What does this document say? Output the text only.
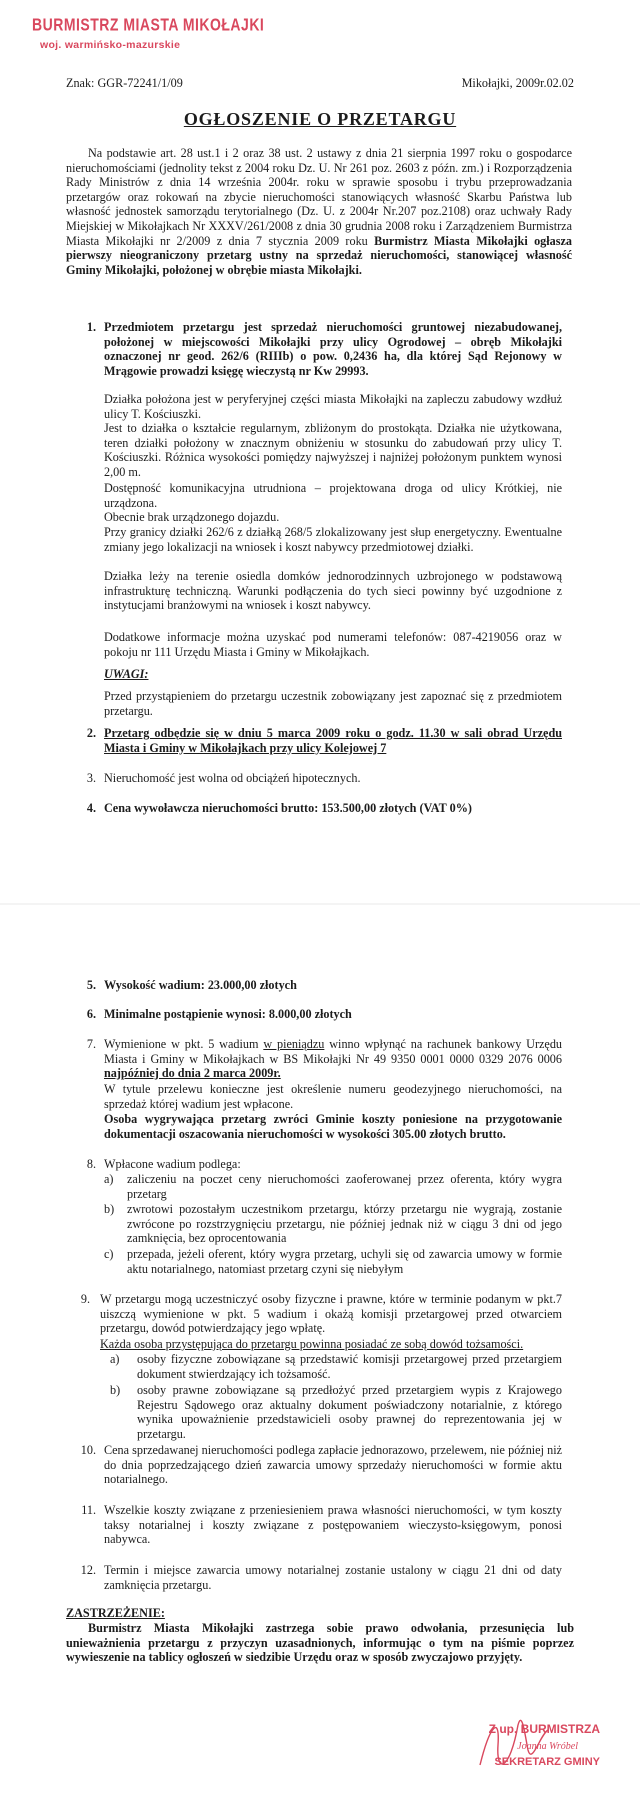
BURMISTRZ MIASTA MIKOŁAJKI
woj. warmińsko-mazurskie
Znak: GGR-72241/1/09	Mikołajki, 2009r.02.02
OGŁOSZENIE O PRZETARGU
Na podstawie art. 28 ust.1 i 2 oraz 38 ust. 2 ustawy z dnia 21 sierpnia 1997 roku o gospodarce nieruchomościami (jednolity tekst z 2004 roku Dz. U. Nr 261 poz. 2603 z późn. zm.) i Rozporządzenia Rady Ministrów z dnia 14 września 2004r. roku w sprawie sposobu i trybu przeprowadzania przetargów oraz rokowań na zbycie nieruchomości stanowiących własność Skarbu Państwa lub własność jednostek samorządu terytorialnego (Dz. U. z 2004r Nr.207 poz.2108) oraz uchwały Rady Miejskiej w Mikołajkach Nr XXXV/261/2008 z dnia 30 grudnia 2008 roku i Zarządzeniem Burmistrza Miasta Mikołajki nr 2/2009 z dnia 7 stycznia 2009 roku Burmistrz Miasta Mikołajki ogłasza pierwszy nieograniczony przetarg ustny na sprzedaż nieruchomości, stanowiącej własność Gminy Mikołajki, położonej w obrębie miasta Mikołajki.
1. Przedmiotem przetargu jest sprzedaż nieruchomości gruntowej niezabudowanej, położonej w miejscowości Mikołajki przy ulicy Ogrodowej – obręb Mikołajki oznaczonej nr geod. 262/6 (RIIIb) o pow. 0,2436 ha, dla której Sąd Rejonowy w Mrągowie prowadzi księgę wieczystą nr Kw 29993.
Działka położona jest w peryferyjnej części miasta Mikołajki na zapleczu zabudowy wzdłuż ulicy T. Kościuszki.
Jest to działka o kształcie regularnym, zbliżonym do prostokąta. Działka nie użytkowana, teren działki położony w znacznym obniżeniu w stosunku do zabudowań przy ulicy T. Kościuszki. Różnica wysokości pomiędzy najwyższej i najniżej położonym punktem wynosi 2,00 m.
Dostępność komunikacyjna utrudniona – projektowana droga od ulicy Krótkiej, nie urządzona.
Obecnie brak urządzonego dojazdu.
Przy granicy działki 262/6 z działką 268/5 zlokalizowany jest słup energetyczny. Ewentualne zmiany jego lokalizacji na wniosek i koszt nabywcy przedmiotowej działki.
Działka leży na terenie osiedla domków jednorodzinnych uzbrojonego w podstawową infrastrukturę techniczną. Warunki podłączenia do tych sieci powinny być uzgodnione z instytucjami branżowymi na wniosek i koszt nabywcy.
Dodatkowe informacje można uzyskać pod numerami telefonów: 087-4219056 oraz w pokoju nr 111 Urzędu Miasta i Gminy w Mikołajkach.
UWAGI:
Przed przystąpieniem do przetargu uczestnik zobowiązany jest zapoznać się z przedmiotem przetargu.
2. Przetarg odbędzie się w dniu 5 marca 2009 roku o godz. 11.30 w sali obrad Urzędu Miasta i Gminy w Mikołajkach przy ulicy Kolejowej 7
3. Nieruchomość jest wolna od obciążeń hipotecznych.
4. Cena wywoławcza nieruchomości brutto: 153.500,00 złotych (VAT 0%)
5. Wysokość wadium: 23.000,00 złotych
6. Minimalne postąpienie wynosi: 8.000,00 złotych
7. Wymienione w pkt. 5 wadium w pieniądzu winno wpłynąć na rachunek bankowy Urzędu Miasta i Gminy w Mikołajkach w BS Mikołajki Nr 49 9350 0001 0000 0329 2076 0006 najpóźniej do dnia 2 marca 2009r.
W tytule przelewu konieczne jest określenie numeru geodezyjnego nieruchomości, na sprzedaż której wadium jest wpłacone.
Osoba wygrywająca przetarg zwróci Gminie koszty poniesione na przygotowanie dokumentacji oszacowania nieruchomości w wysokości 305.00 złotych brutto.
8. Wpłacone wadium podlega:
a) zaliczeniu na poczet ceny nieruchomości zaoferowanej przez oferenta, który wygra przetarg
b) zwrotowi pozostałym uczestnikom przetargu, którzy przetargu nie wygrają, zostanie zwrócone po rozstrzygnięciu przetargu, nie później jednak niż w ciągu 3 dni od jego zamknięcia, bez oprocentowania
c) przepada, jeżeli oferent, który wygra przetarg, uchyli się od zawarcia umowy w formie aktu notarialnego, natomiast przetarg czyni się niebyłym
9. W przetargu mogą uczestniczyć osoby fizyczne i prawne, które w terminie podanym w pkt.7 uiszczą wymienione w pkt. 5 wadium i okażą komisji przetargowej przed otwarciem przetargu, dowód potwierdzający jego wpłatę.
Każda osoba przystępująca do przetargu powinna posiadać ze sobą dowód tożsamości.
a) osoby fizyczne zobowiązane są przedstawić komisji przetargowej przed przetargiem dokument stwierdzający ich tożsamość.
b) osoby prawne zobowiązane są przedłożyć przed przetargiem wypis z Krajowego Rejestru Sądowego oraz aktualny dokument poświadczony notarialnie, z którego wynika upoważnienie przedstawicieli osoby prawnej do reprezentowania jej w przetargu.
10. Cena sprzedawanej nieruchomości podlega zapłacie jednorazowo, przelewem, nie później niż do dnia poprzedzającego dzień zawarcia umowy sprzedaży nieruchomości w formie aktu notarialnego.
11. Wszelkie koszty związane z przeniesieniem prawa własności nieruchomości, w tym koszty taksy notarialnej i koszty związane z postępowaniem wieczysto-księgowym, ponosi nabywca.
12. Termin i miejsce zawarcia umowy notarialnej zostanie ustalony w ciągu 21 dni od daty zamknięcia przetargu.
ZASTRZEŻENIE:
Burmistrz Miasta Mikołajki zastrzega sobie prawo odwołania, przesunięcia lub unieważnienia przetargu z przyczyn uzasadnionych, informując o tym na piśmie poprzez wywieszenie na tablicy ogłoszeń w siedzibie Urzędu oraz w sposób zwyczajowo przyjęty.
Z up. BURMISTRZA
Joanna Wróbel
SEKRETARZ GMINY
